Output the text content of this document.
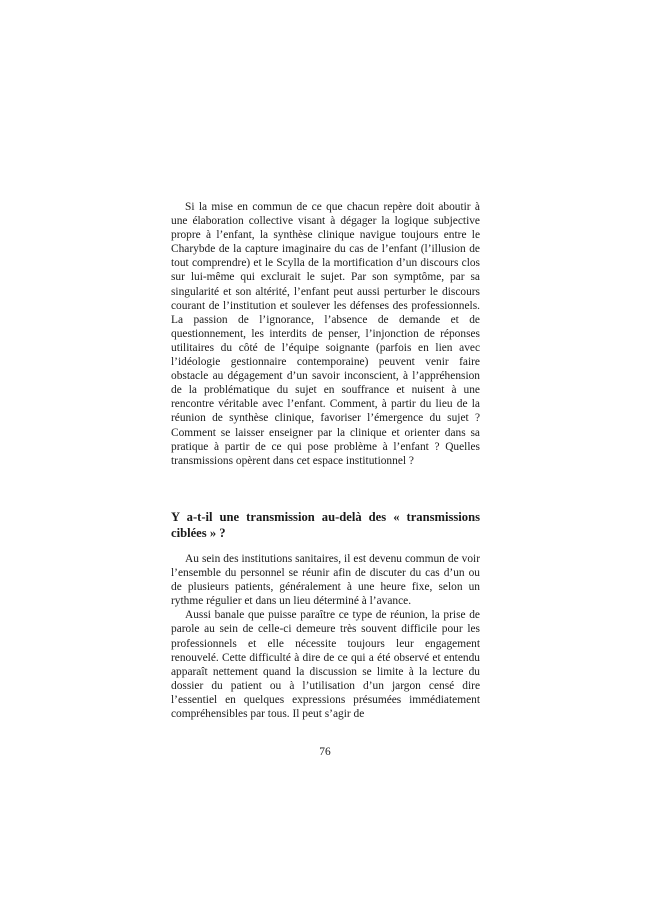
Si la mise en commun de ce que chacun repère doit aboutir à une élaboration collective visant à dégager la logique subjective propre à l’enfant, la synthèse clinique navigue toujours entre le Charybde de la capture imaginaire du cas de l’enfant (l’illusion de tout comprendre) et le Scylla de la mortification d’un discours clos sur lui-même qui exclurait le sujet. Par son symptôme, par sa singularité et son altérité, l’enfant peut aussi perturber le discours courant de l’institution et soulever les défenses des professionnels. La passion de l’ignorance, l’absence de demande et de questionnement, les interdits de penser, l’injonction de réponses utilitaires du côté de l’équipe soignante (parfois en lien avec l’idéologie gestionnaire contemporaine) peuvent venir faire obstacle au dégagement d’un savoir inconscient, à l’appréhension de la problématique du sujet en souffrance et nuisent à une rencontre véritable avec l’enfant. Comment, à partir du lieu de la réunion de synthèse clinique, favoriser l’émergence du sujet ? Comment se laisser enseigner par la clinique et orienter dans sa pratique à partir de ce qui pose problème à l’enfant ? Quelles transmissions opèrent dans cet espace institutionnel ?

Y a-t-il une transmission au-delà des « transmissions ciblées » ?

Au sein des institutions sanitaires, il est devenu commun de voir l’ensemble du personnel se réunir afin de discuter du cas d’un ou de plusieurs patients, généralement à une heure fixe, selon un rythme régulier et dans un lieu déterminé à l’avance.

Aussi banale que puisse paraître ce type de réunion, la prise de parole au sein de celle-ci demeure très souvent difficile pour les professionnels et elle nécessite toujours leur engagement renouvelé. Cette difficulté à dire de ce qui a été observé et entendu apparaît nettement quand la discussion se limite à la lecture du dossier du patient ou à l’utilisation d’un jargon censé dire l’essentiel en quelques expressions présumées immédiatement compréhensibles par tous. Il peut s’agir de

76
